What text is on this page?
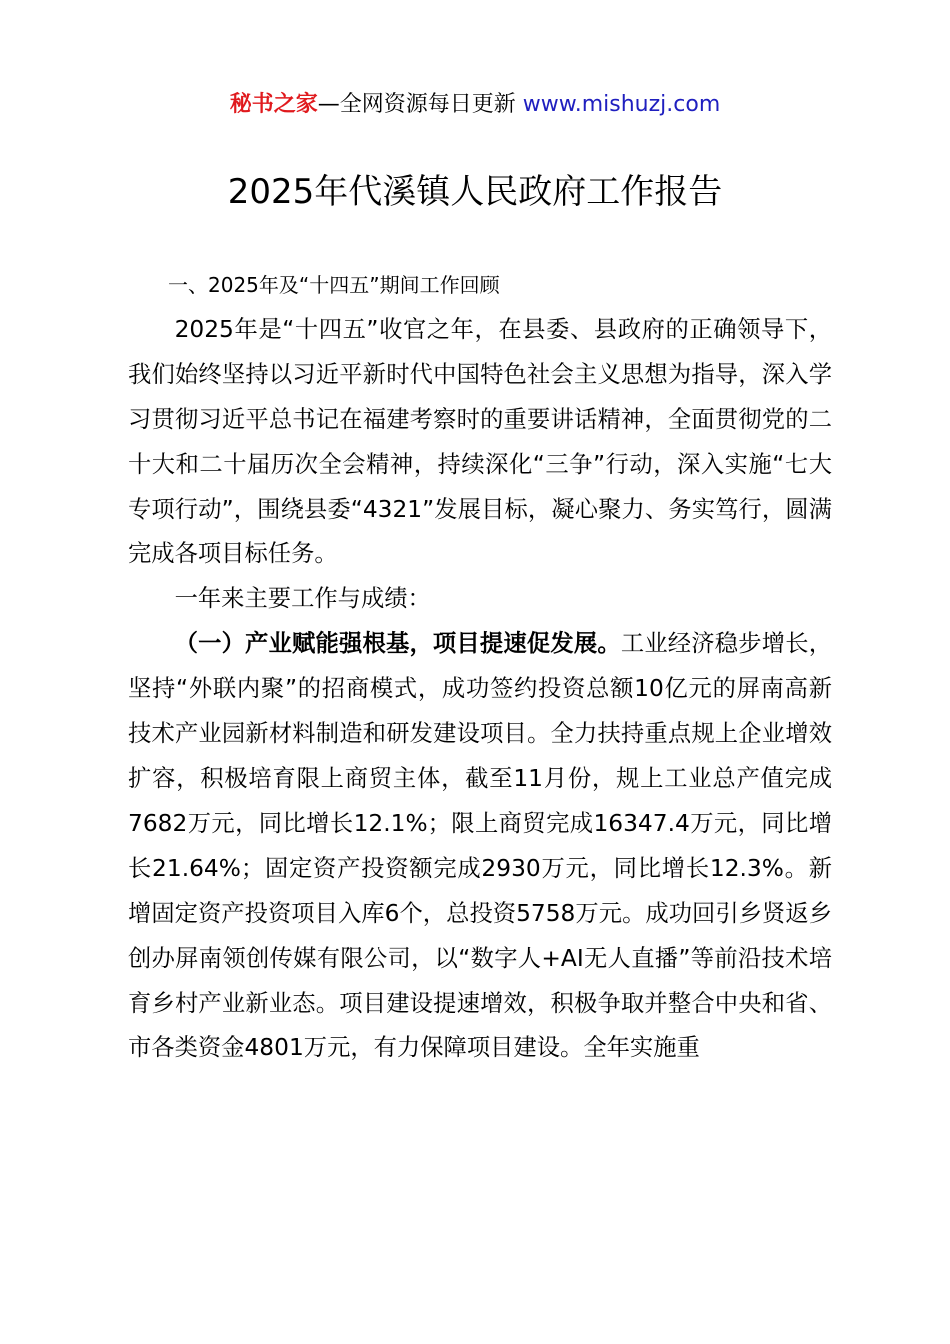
秘书之家—全网资源每日更新 www.mishuzj.com
2025年代溪镇人民政府工作报告

一、2025年及“十四五”期间工作回顾

2025年是“十四五”收官之年，在县委、县政府的正确领导下，我们始终坚持以习近平新时代中国特色社会主义思想为指导，深入学习贯彻习近平总书记在福建考察时的重要讲话精神，全面贯彻党的二十大和二十届历次全会精神，持续深化“三争”行动，深入实施“七大专项行动”，围绕县委“4321”发展目标，凝心聚力、务实笃行，圆满完成各项目标任务。

一年来主要工作与成绩：

（一）产业赋能强根基，项目提速促发展。工业经济稳步增长，坚持“外联内聚”的招商模式，成功签约投资总额10亿元的屏南高新技术产业园新材料制造和研发建设项目。全力扶持重点规上企业增效扩容，积极培育限上商贸主体，截至11月份，规上工业总产值完成7682万元，同比增长12.1%；限上商贸完成16347.4万元，同比增长21.64%；固定资产投资额完成2930万元，同比增长12.3%。新增固定资产投资项目入库6个，总投资5758万元。成功回引乡贤返乡创办屏南领创传媒有限公司，以“数字人+AI无人直播”等前沿技术培育乡村产业新业态。项目建设提速增效，积极争取并整合中央和省、市各类资金4801万元，有力保障项目建设。全年实施重
